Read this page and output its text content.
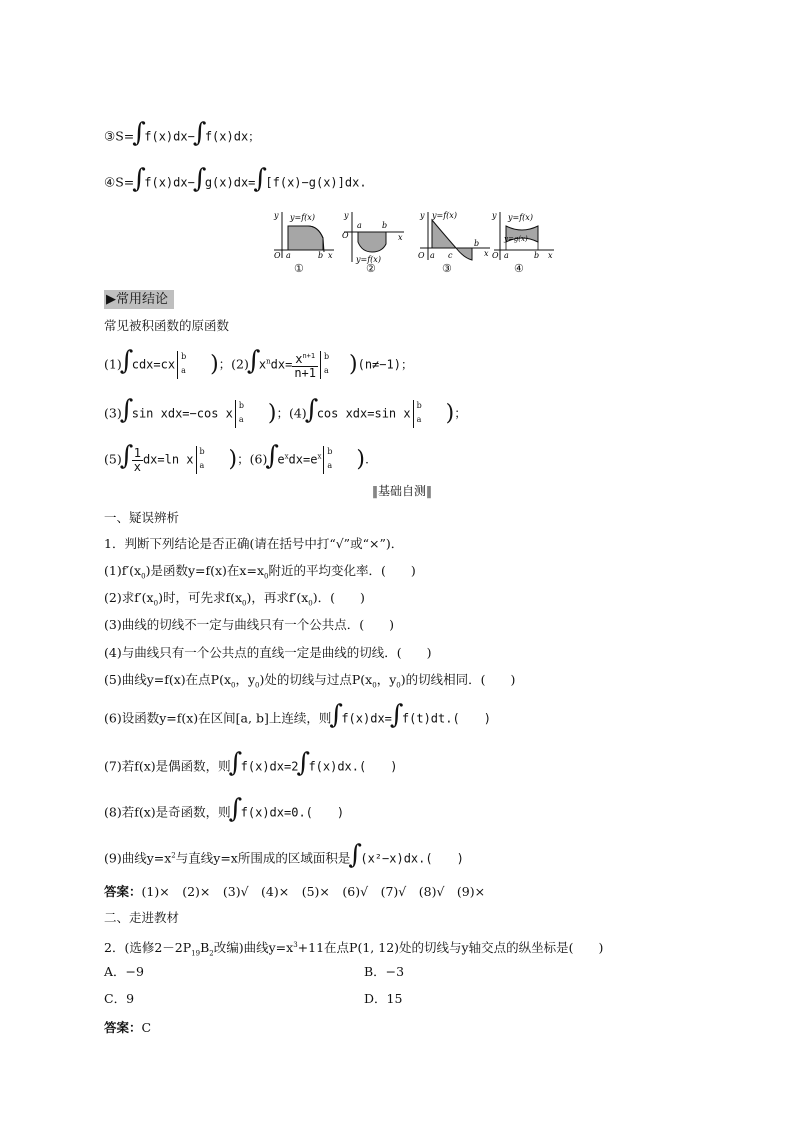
③S=∫ f(x)dx−∫ f(x)dx；
④S=∫ f(x)dx−∫ g(x)dx=∫ [f(x)−g(x)]dx.
y=f(x)
y
O a	b x
①
y
O
a	b
x
y=f(x)
②
y=f(x)
y
O a c
b
x
③
y=f(x)
y=g(x)
y
O a	b x
④
▶常用结论
常见被积函数的原函数
(1)∫ cdx=cx
b
a )；(2)∫ $x^ndx= \frac{x^{n+1}}{n+1}$ b
a )(n≠−1)；
(3)∫ sin xdx=−cos x
b
a )；(4)∫ cos xdx=sin x
b
a )；
$(5)\int \frac{1}{x} dx=\ln$ x
b
a )；(6)∫ $e^xdx=e^x$
b
a ).
‖基础自测‖
一、疑误辨析
1．判断下列结论是否正确(请在括号中打“√”或“×”)．
$(1)f'(x_0)$是函数y=f(x)在$x=x_0$附近的平均变化率．(　　)
(2)求$f'(x_0)$时，可先求$f(x_0)$，再求$f'(x_0)$．(　　)
(3)曲线的切线不一定与曲线只有一个公共点．(　　)
(4)与曲线只有一个公共点的直线一定是曲线的切线．(　　)
(5)曲线y=f(x)在点$P(x_0$，$y_0$)处的切线与过点$P(x_0$，$y_0$)的切线相同．(　　)
(6)设函数y=f(x)在区间[a, b]上连续，则∫ f(x)dx=∫ f(t)dt.(　　)
(7)若f(x)是偶函数，则∫ f(x)dx=2∫ f(x)dx.(　　)
(8)若f(x)是奇函数，则∫ f(x)dx=0.(　　)
(9)曲线$y=x^2$与直线y=x所围成的区域面积是∫ (x²−x)dx.(　　)
答案：(1)×　(2)×　(3)√　(4)×　(5)×　(6)√　(7)√　(8)√　(9)×
二、走进教材
2．(选修$2-2P_{19}B_2$改编)曲线$y=x^3+11$在点P(1, 12)处的切线与y轴交点的纵坐标是(　　)
A．−9	B．−3
C．9	D．15
答案：C
